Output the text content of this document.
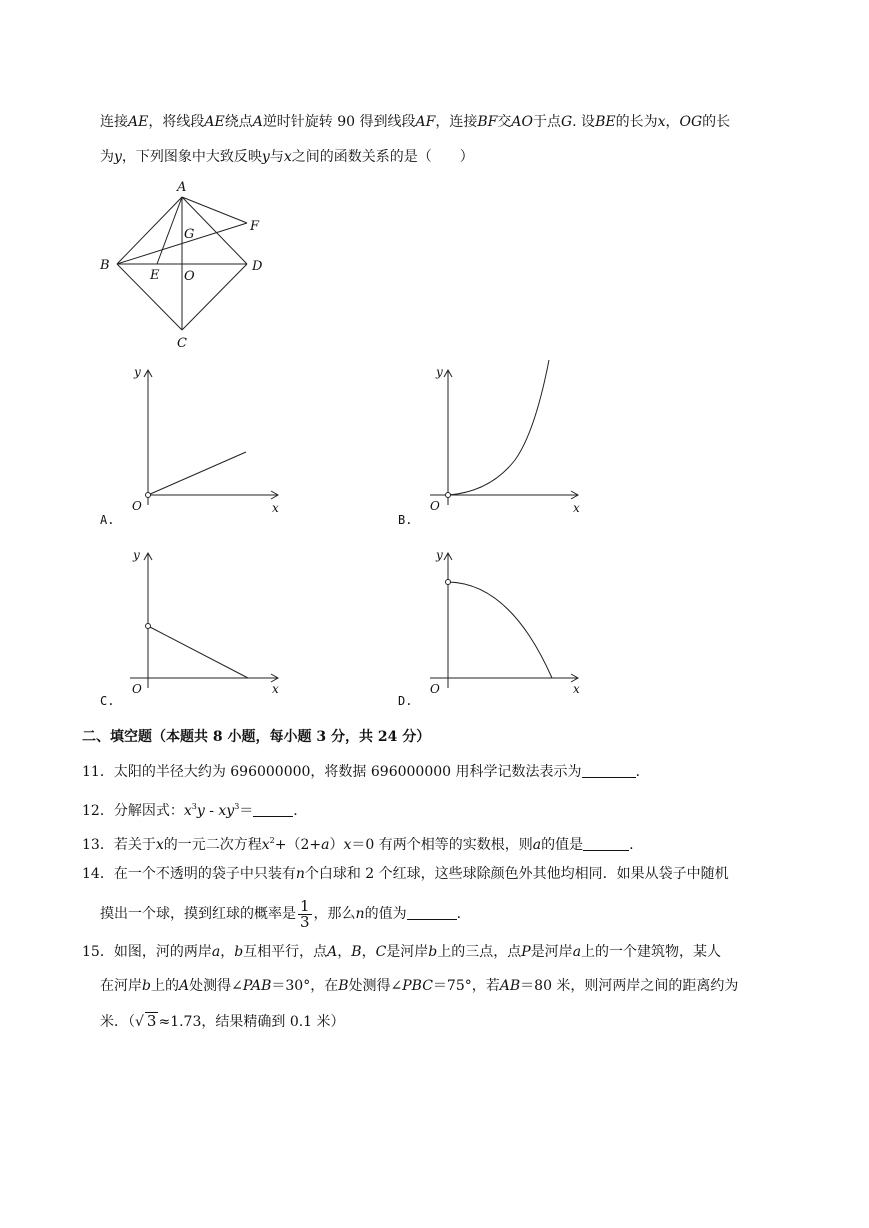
连接AE，将线段AE绕点A逆时针旋转 90 得到线段AF，连接BF交AO于点G. 设BE的长为x，OG的长
为y，下列图象中大致反映y与x之间的函数关系的是（　　）
A
B
C
D
E
F
G
O
x
y
O
A.
x
y
O
B.
x
y
O
C.
x
y
O
D.
二、填空题（本题共 8 小题，每小题 3 分，共 24 分）
11．太阳的半径大约为 696000000，将数据 696000000 用科学记数法表示为	.
12．分解因式：$x^3y - xy^3=$	.
13．若关于x的一元二次方程$x^2+(2+a)x=0$ 有两个相等的实数根，则a的值是	.
14．在一个不透明的袋子中只装有n个白球和 2 个红球，这些球除颜色外其他均相同．如果从袋子中随机
摸出一个球，摸到红球的概率是 $\frac{1}{3}$ ，那么n的值为	.
15．如图，河的两岸a，b互相平行，点A，B，C是河岸b上的三点，点P是河岸a上的一个建筑物，某人
在河岸b上的A处测得∠PAB＝30°，在B处测得∠PBC＝75°，若AB＝80 米，则河两岸之间的距离约为
米．（√ 3 ≈1.73，结果精确到 0.1 米）
